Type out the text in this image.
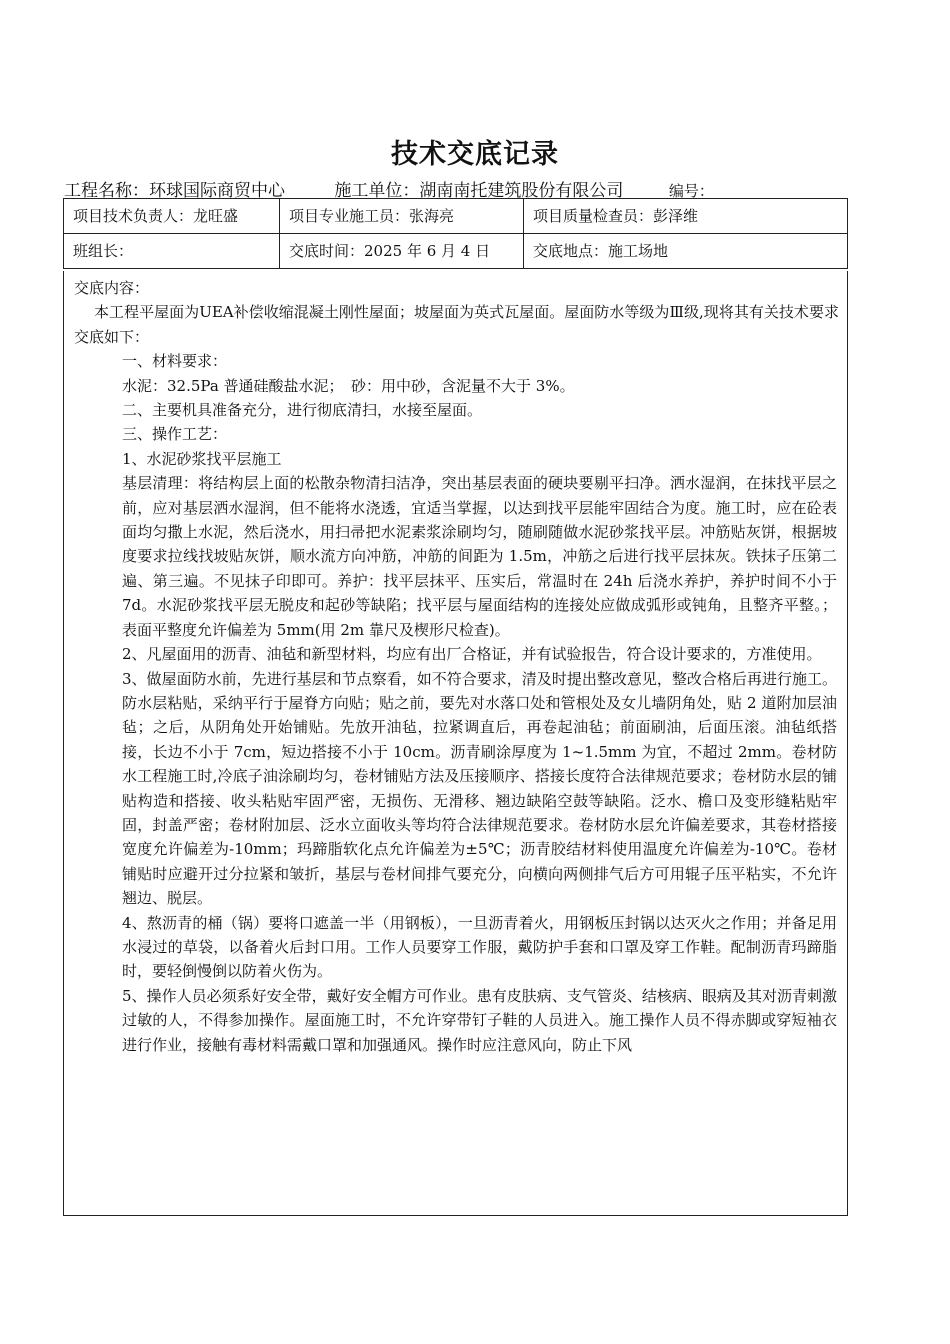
技术交底记录
工程名称：环球国际商贸中心	施工单位：湖南南托建筑股份有限公司	编号：
项目技术负责人：龙旺盛	项目专业施工员：张海亮	项目质量检查员：彭泽维
班组长：	交底时间：2025 年 6 月 4 日	交底地点：施工场地

交底内容：

本工程平屋面为UEA补偿收缩混凝土刚性屋面；坡屋面为英式瓦屋面。屋面防水等级为Ⅲ级,现将其有关技术要求交底如下：

一、材料要求：

水泥：32.5Pa 普通硅酸盐水泥；　砂：用中砂，含泥量不大于 3%。

二、主要机具准备充分，进行彻底清扫，水接至屋面。

三、操作工艺：

1、水泥砂浆找平层施工

基层清理：将结构层上面的松散杂物清扫洁净，突出基层表面的硬块要剔平扫净。洒水湿润，在抹找平层之前，应对基层洒水湿润，但不能将水浇透，宜适当掌握，以达到找平层能牢固结合为度。施工时，应在砼表面均匀撒上水泥，然后浇水，用扫帚把水泥素浆涂刷均匀，随刷随做水泥砂浆找平层。冲筋贴灰饼，根据坡度要求拉线找坡贴灰饼，顺水流方向冲筋，冲筋的间距为 1.5m，冲筋之后进行找平层抹灰。铁抹子压第二遍、第三遍。不见抹子印即可。养护：找平层抹平、压实后，常温时在 24h 后浇水养护，养护时间不小于 7d。水泥砂浆找平层无脱皮和起砂等缺陷；找平层与屋面结构的连接处应做成弧形或钝角，且整齐平整。；表面平整度允许偏差为 5mm(用 2m 靠尺及楔形尺检查)。

2、凡屋面用的沥青、油毡和新型材料，均应有出厂合格证，并有试验报告，符合设计要求的，方准使用。

3、做屋面防水前，先进行基层和节点察看，如不符合要求，清及时提出整改意见，整改合格后再进行施工。防水层粘贴，采纳平行于屋脊方向贴；贴之前，要先对水落口处和管根处及女儿墙阴角处，贴 2 道附加层油毡；之后，从阴角处开始铺贴。先放开油毡，拉紧调直后，再卷起油毡；前面刷油，后面压滚。油毡纸搭接，长边不小于 7cm，短边搭接不小于 10cm。沥青刷涂厚度为 1~1.5mm 为宜，不超过 2mm。卷材防水工程施工时,冷底子油涂刷均匀，卷材铺贴方法及压接顺序、搭接长度符合法律规范要求；卷材防水层的铺贴构造和搭接、收头粘贴牢固严密，无损伤、无滑移、翘边缺陷空鼓等缺陷。泛水、檐口及变形缝粘贴牢固，封盖严密；卷材附加层、泛水立面收头等均符合法律规范要求。卷材防水层允许偏差要求，其卷材搭接宽度允许偏差为-10mm；玛蹄脂软化点允许偏差为±5℃；沥青胶结材料使用温度允许偏差为-10℃。卷材铺贴时应避开过分拉紧和皱折，基层与卷材间排气要充分，向横向两侧排气后方可用辊子压平粘实，不允许翘边、脱层。

4、熬沥青的桶（锅）要将口遮盖一半（用钢板），一旦沥青着火，用钢板压封锅以达灭火之作用；并备足用水浸过的草袋，以备着火后封口用。工作人员要穿工作服，戴防护手套和口罩及穿工作鞋。配制沥青玛蹄脂时，要轻倒慢倒以防着火伤为。

5、操作人员必须系好安全带，戴好安全帽方可作业。患有皮肤病、支气管炎、结核病、眼病及其对沥青刺激过敏的人，不得参加操作。屋面施工时，不允许穿带钉子鞋的人员进入。施工操作人员不得赤脚或穿短袖衣进行作业，接触有毒材料需戴口罩和加强通风。操作时应注意风向，防止下风
